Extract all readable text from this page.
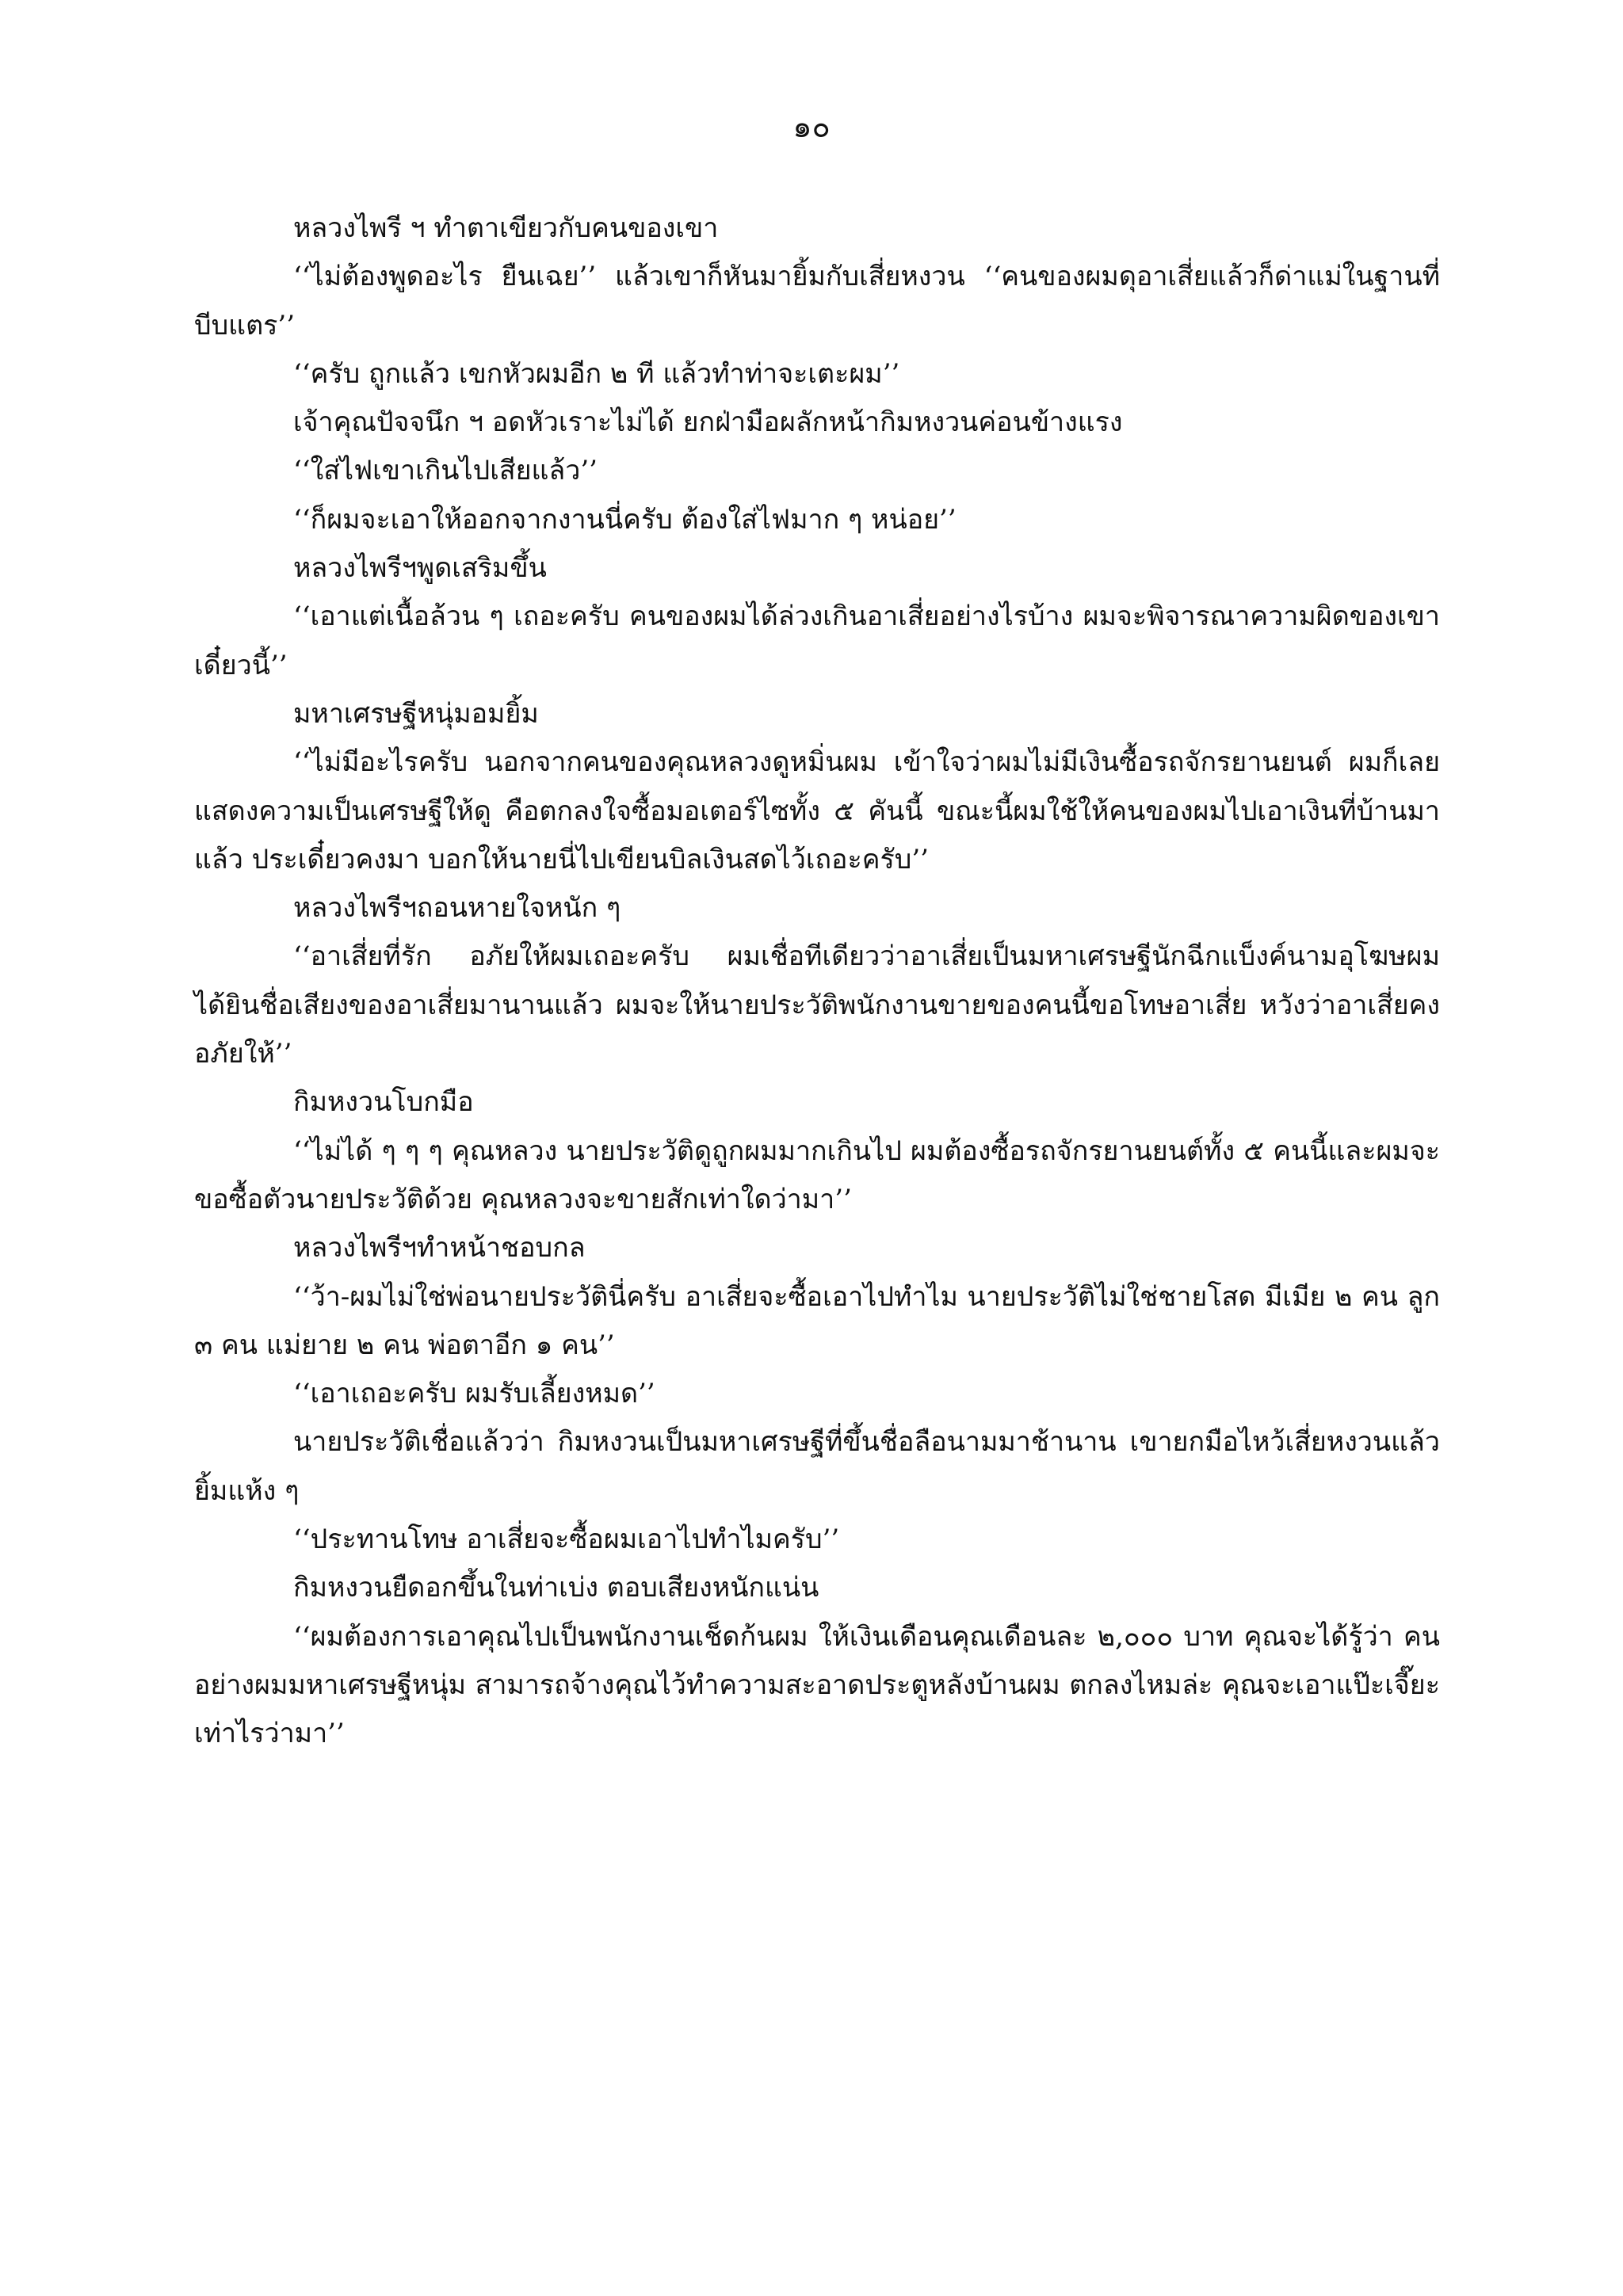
๑๐

หลวงไพรี ฯ ทำตาเขียวกับคนของเขา

‘‘ไม่ต้องพูดอะไร ยืนเฉย’’ แล้วเขาก็หันมายิ้มกับเสี่ยหงวน ‘‘คนของผมดุอาเสี่ยแล้วก็ด่าแม่ในฐานที่บีบแตร’’

‘‘ครับ ถูกแล้ว เขกหัวผมอีก ๒ ที แล้วทำท่าจะเตะผม’’

เจ้าคุณปัจจนึก ฯ อดหัวเราะไม่ได้ ยกฝ่ามือผลักหน้ากิมหงวนค่อนข้างแรง

‘‘ใส่ไฟเขาเกินไปเสียแล้ว’’

‘‘ก็ผมจะเอาให้ออกจากงานนี่ครับ ต้องใส่ไฟมาก ๆ หน่อย’’

หลวงไพรีฯพูดเสริมขึ้น

‘‘เอาแต่เนื้อล้วน ๆ เถอะครับ คนของผมได้ล่วงเกินอาเสี่ยอย่างไรบ้าง ผมจะพิจารณาความผิดของเขาเดี๋ยวนี้’’

มหาเศรษฐีหนุ่มอมยิ้ม

‘‘ไม่มีอะไรครับ นอกจากคนของคุณหลวงดูหมิ่นผม เข้าใจว่าผมไม่มีเงินซื้อรถจักรยานยนต์ ผมก็เลยแสดงความเป็นเศรษฐีให้ดู คือตกลงใจซื้อมอเตอร์ไซทั้ง ๕ คันนี้ ขณะนี้ผมใช้ให้คนของผมไปเอาเงินที่บ้านมาแล้ว ประเดี๋ยวคงมา บอกให้นายนี่ไปเขียนบิลเงินสดไว้เถอะครับ’’

หลวงไพรีฯถอนหายใจหนัก ๆ

‘‘อาเสี่ยที่รัก อภัยให้ผมเถอะครับ ผมเชื่อทีเดียวว่าอาเสี่ยเป็นมหาเศรษฐีนักฉีกแบ็งค์นามอุโฆษผมได้ยินชื่อเสียงของอาเสี่ยมานานแล้ว ผมจะให้นายประวัติพนักงานขายของคนนี้ขอโทษอาเสี่ย หวังว่าอาเสี่ยคงอภัยให้’’

กิมหงวนโบกมือ

‘‘ไม่ได้ ๆ ๆ ๆ คุณหลวง นายประวัติดูถูกผมมากเกินไป ผมต้องซื้อรถจักรยานยนต์ทั้ง ๕ คนนี้และผมจะขอซื้อตัวนายประวัติด้วย คุณหลวงจะขายสักเท่าใดว่ามา’’

หลวงไพรีฯทำหน้าชอบกล

‘‘ว้า-ผมไม่ใช่พ่อนายประวัตินี่ครับ อาเสี่ยจะซื้อเอาไปทำไม นายประวัติไม่ใช่ชายโสด มีเมีย ๒ คน ลูก ๓ คน แม่ยาย ๒ คน พ่อตาอีก ๑ คน’’

‘‘เอาเถอะครับ ผมรับเลี้ยงหมด’’

นายประวัติเชื่อแล้วว่า กิมหงวนเป็นมหาเศรษฐีที่ขึ้นชื่อลือนามมาช้านาน เขายกมือไหว้เสี่ยหงวนแล้วยิ้มแห้ง ๆ

‘‘ประทานโทษ อาเสี่ยจะซื้อผมเอาไปทำไมครับ’’

กิมหงวนยืดอกขึ้นในท่าเบ่ง ตอบเสียงหนักแน่น

‘‘ผมต้องการเอาคุณไปเป็นพนักงานเช็ดก้นผม ให้เงินเดือนคุณเดือนละ ๒,๐๐๐ บาท คุณจะได้รู้ว่า คนอย่างผมมหาเศรษฐีหนุ่ม สามารถจ้างคุณไว้ทำความสะอาดประตูหลังบ้านผม ตกลงไหมล่ะ คุณจะเอาแป๊ะเจี๊ยะเท่าไรว่ามา’’
